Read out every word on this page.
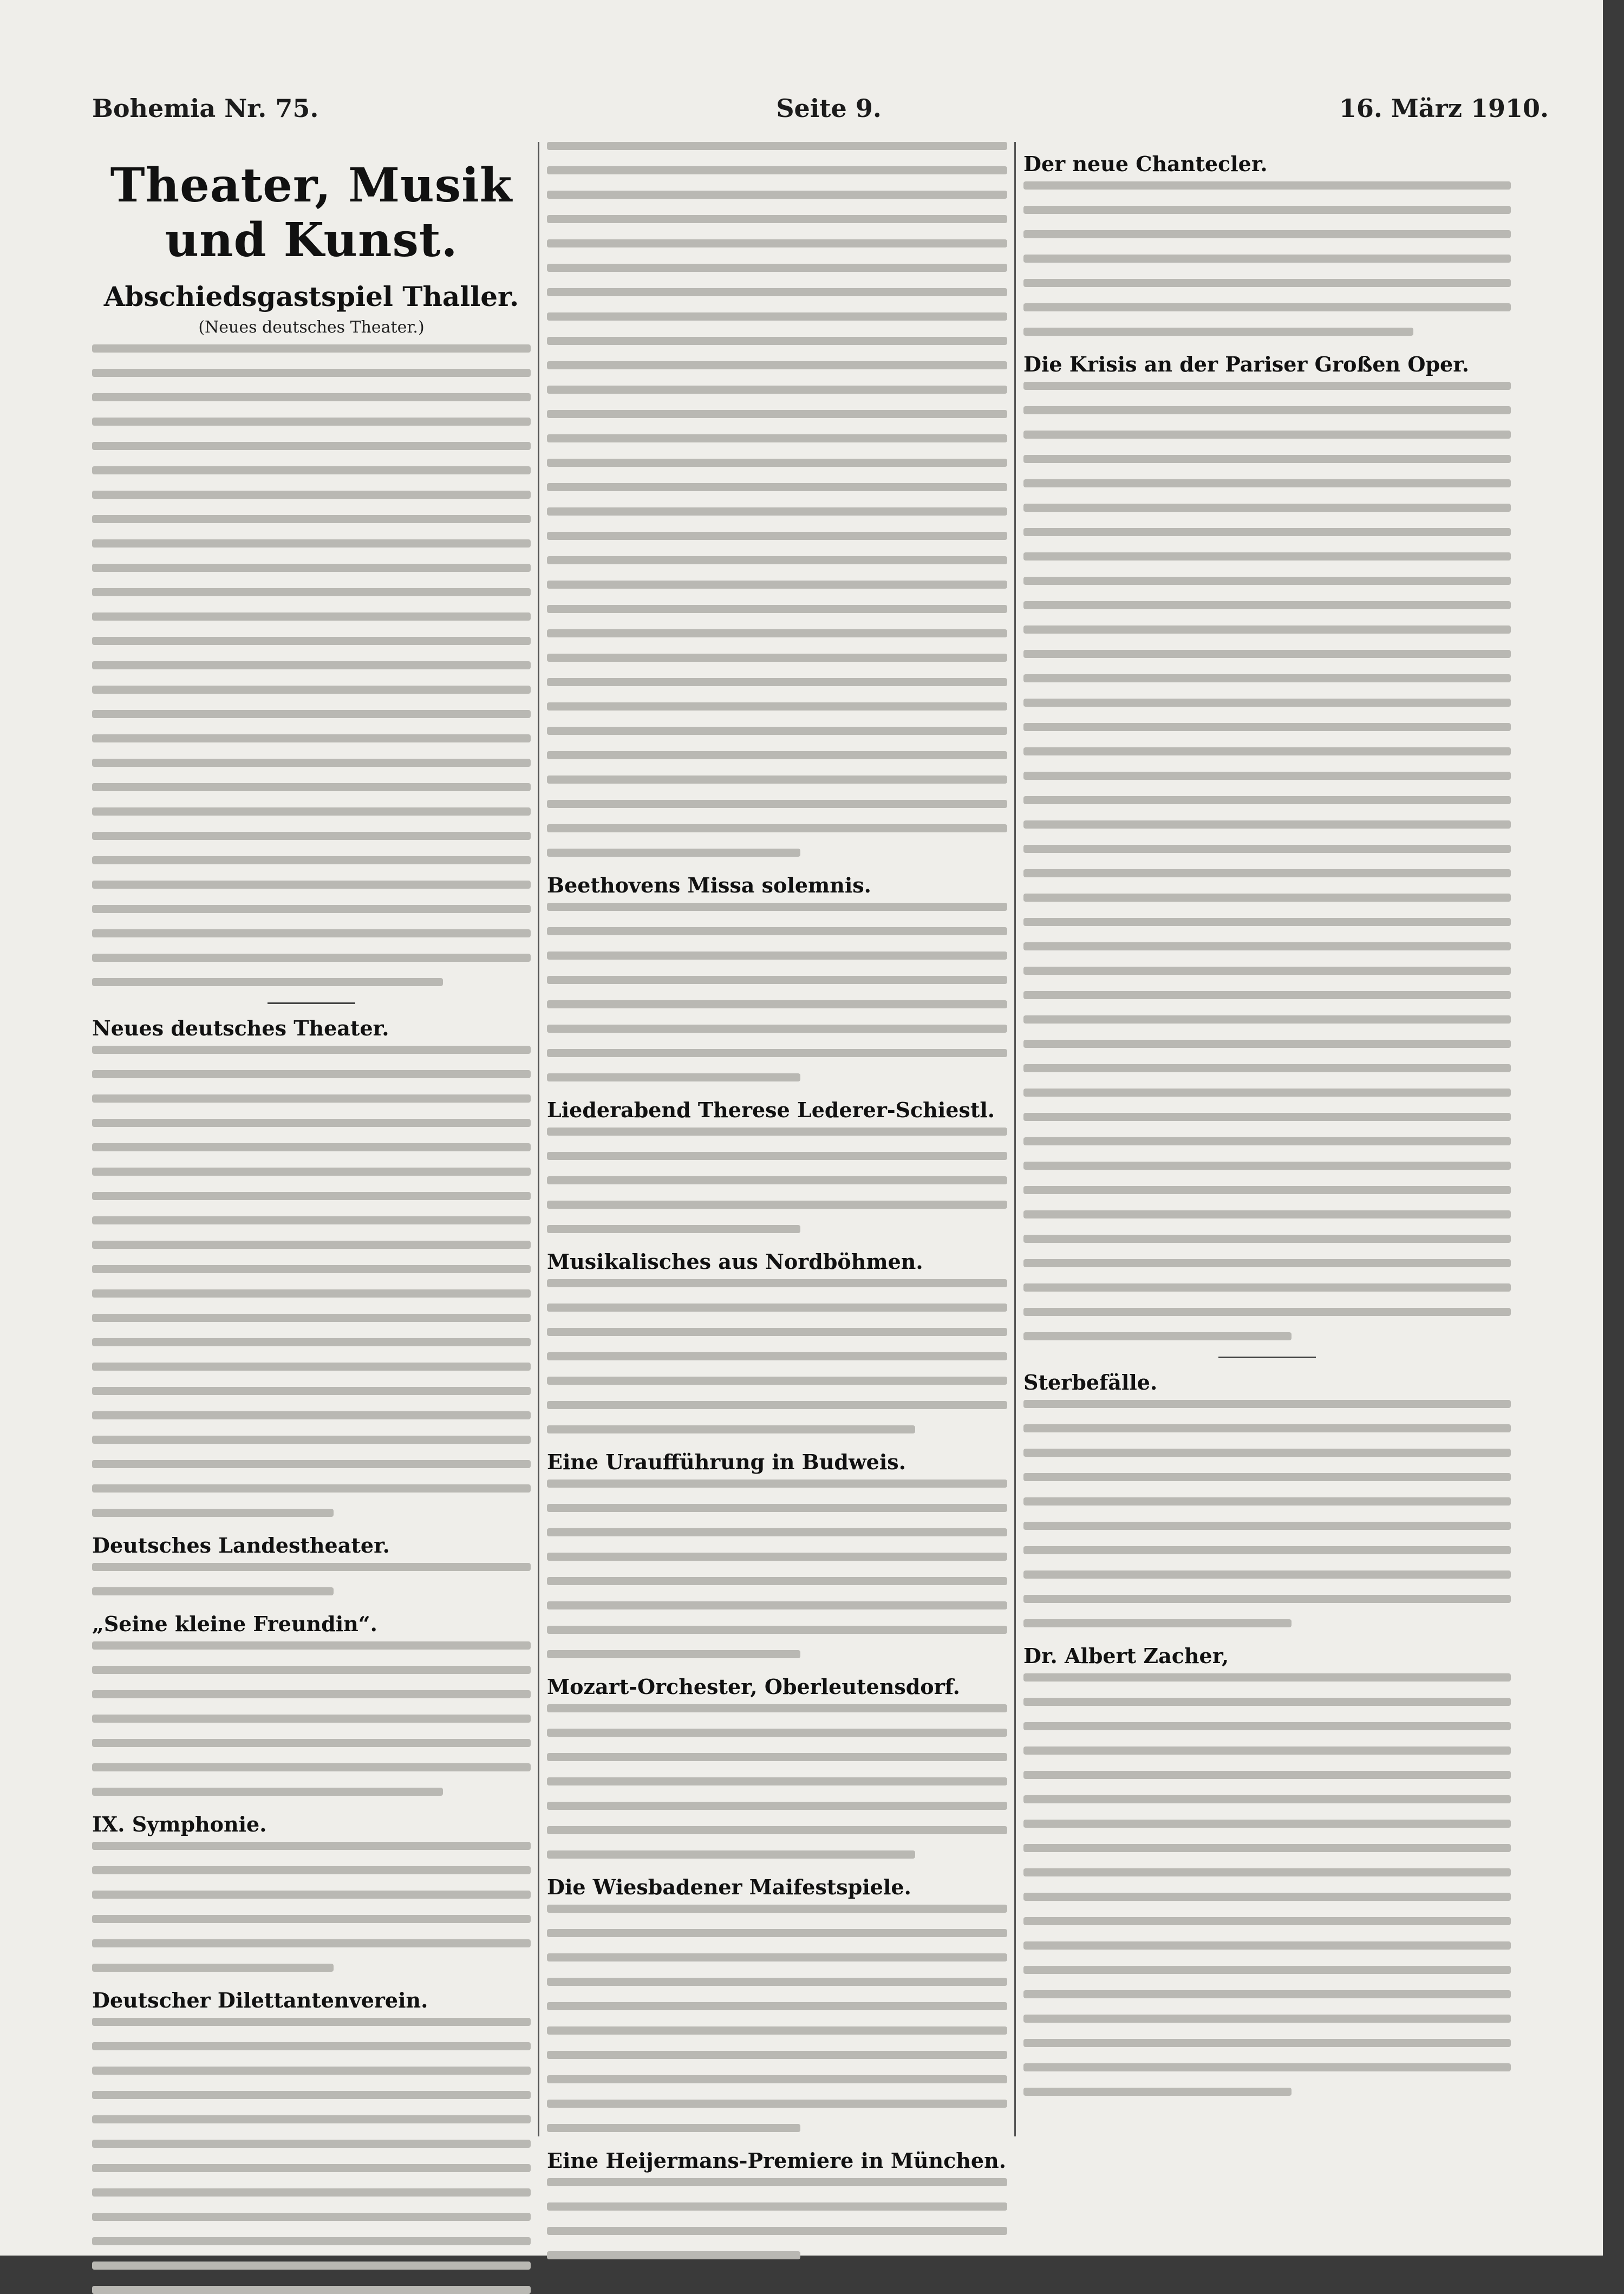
Bohemia Nr. 75.	Seite 9.	16. März 1910.
Theater, Musik und Kunst.
Abschiedsgastspiel Thaller.
(Neues deutsches Theater.)
Neues deutsches Theater.
Deutsches Landestheater.
„Seine kleine Freundin“.
IX. Symphonie.
Deutscher Dilettantenverein.
Beethovens Missa solemnis.
Liederabend Therese Lederer-Schiestl.
Musikalisches aus Nordböhmen.
Eine Uraufführung in Budweis.
Mozart-Orchester, Oberleutensdorf.
Die Wiesbadener Maifestspiele.
Eine Heijermans-Premiere in München.
Der neue Chantecler.
Die Krisis an der Pariser Großen Oper.
Sterbefälle.
Dr. Albert Zacher,
